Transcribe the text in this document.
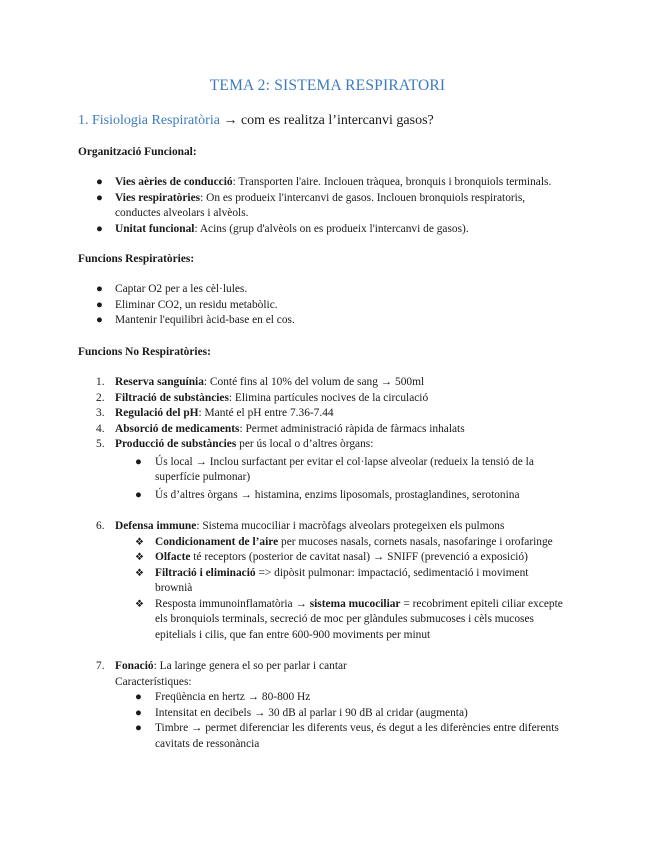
TEMA 2: SISTEMA RESPIRATORI
1. Fisiologia Respiratòria → com es realitza l’intercanvi gasos?
Organització Funcional:
● Vies aèries de conducció: Transporten l'aire. Inclouen tràquea, bronquis i bronquiols terminals.
● Vies respiratòries: On es produeix l'intercanvi de gasos. Inclouen bronquiols respiratoris,
conductes alveolars i alvèols.
● Unitat funcional: Acins (grup d'alvèols on es produeix l'intercanvi de gasos).
Funcions Respiratòries:
● Captar O2 per a les cèl·lules.
● Eliminar CO2, un residu metabòlic.
● Mantenir l'equilibri àcid-base en el cos.
Funcions No Respiratòries:
1. Reserva sanguínia: Conté fins al 10% del volum de sang → 500ml
2. Filtració de substàncies: Elimina partícules nocives de la circulació
3. Regulació del pH: Manté el pH entre 7.36-7.44
4. Absorció de medicaments: Permet administració ràpida de fàrmacs inhalats
5. Producció de substàncies per ús local o d’altres òrgans:
● Ús local → Inclou surfactant per evitar el col·lapse alveolar (redueix la tensió de la
superfície pulmonar)
● Ús d’altres òrgans → histamina, enzims liposomals, prostaglandines, serotonina
6. Defensa immune: Sistema mucociliar i macròfags alveolars protegeixen els pulmons
❖ Condicionament de l’aire per mucoses nasals, cornets nasals, nasofaringe i orofaringe
❖ Olfacte té receptors (posterior de cavitat nasal) → SNIFF (prevenció a exposició)
❖ Filtració i eliminació => dipòsit pulmonar: impactació, sedimentació i moviment
brownià
❖ Resposta immunoinflamatòria → sistema mucociliar = recobriment epiteli ciliar excepte
els bronquiols terminals, secreció de moc per glàndules submucoses i cèls mucoses
epitelials i cilis, que fan entre 600-900 moviments per minut
7. Fonació: La laringe genera el so per parlar i cantar
Característiques:
● Freqüència en hertz → 80-800 Hz
● Intensitat en decibels → 30 dB al parlar i 90 dB al cridar (augmenta)
● Timbre → permet diferenciar les diferents veus, és degut a les diferències entre diferents
cavitats de ressonància
